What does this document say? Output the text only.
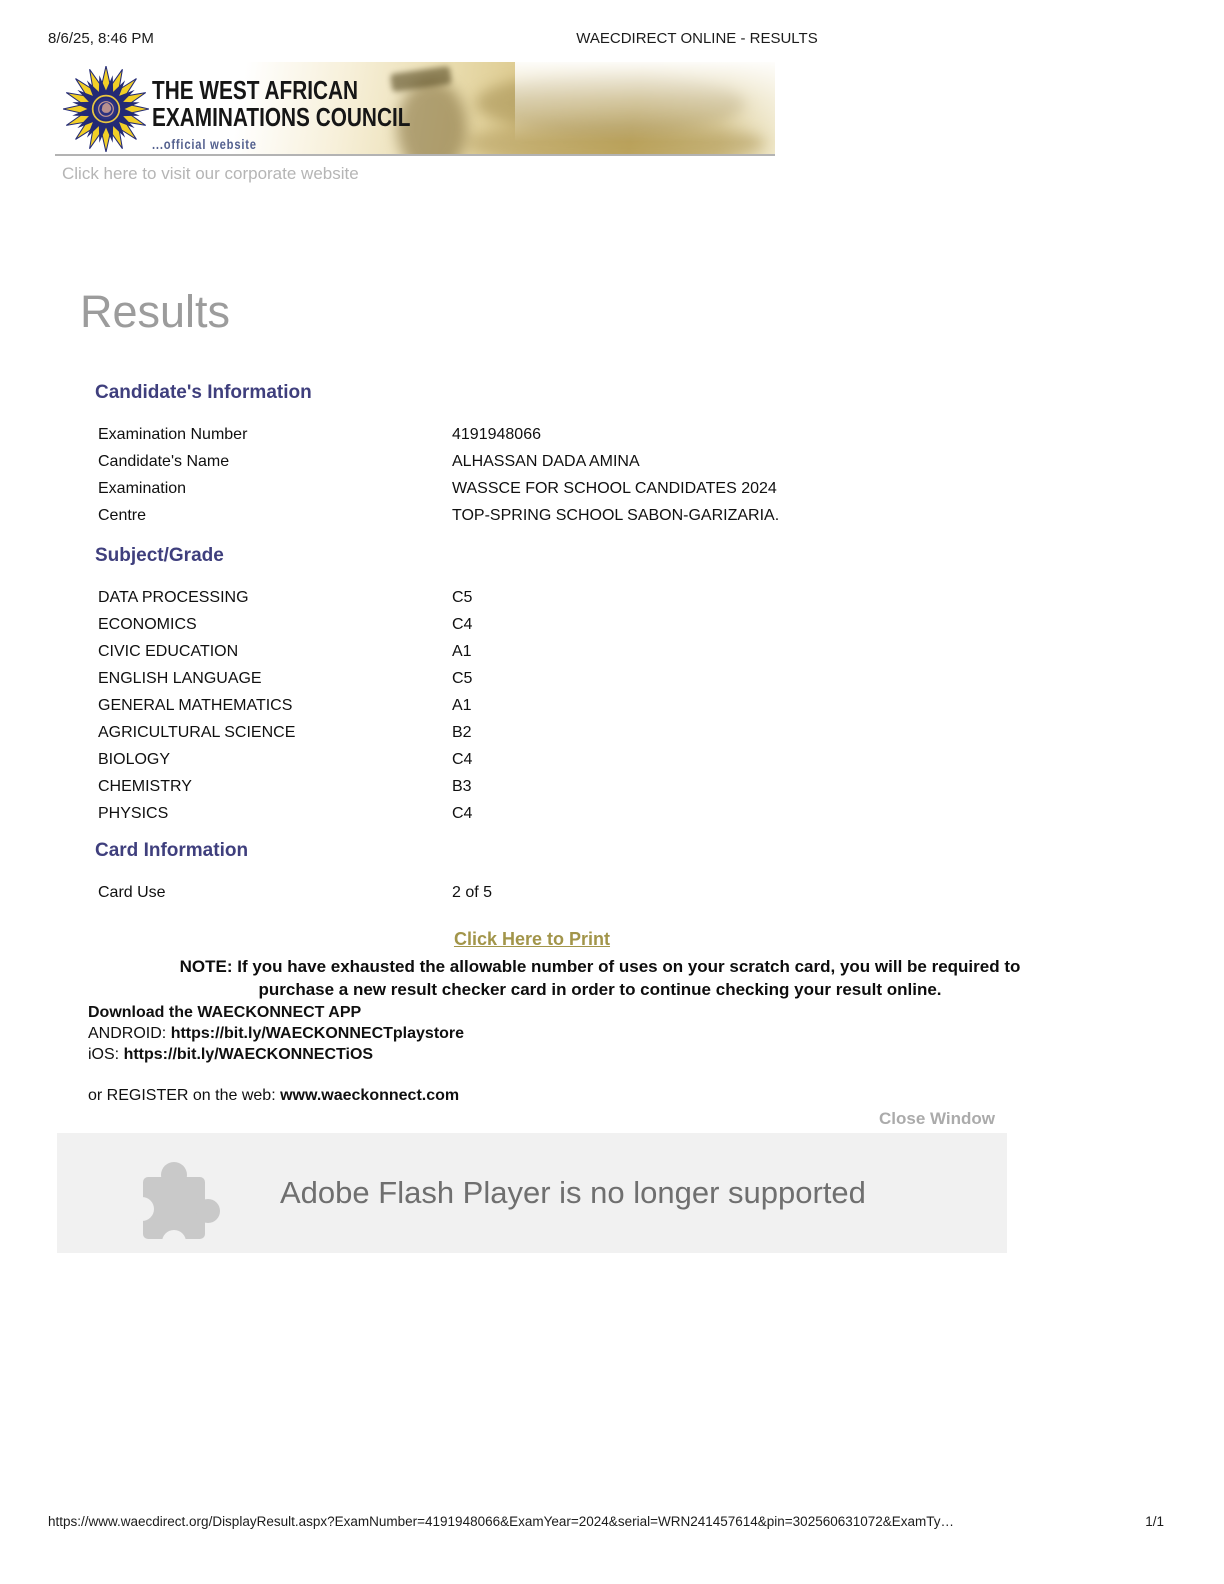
8/6/25, 8:46 PM	WAECDIRECT ONLINE - RESULTS
THE WEST AFRICAN
EXAMINATIONS COUNCIL
...official website
Click here to visit our corporate website
Results
Candidate's Information
Examination Number	4191948066
Candidate's Name	ALHASSAN DADA AMINA
Examination	WASSCE FOR SCHOOL CANDIDATES 2024
Centre	TOP-SPRING SCHOOL SABON-GARIZARIA.
Subject/Grade
DATA PROCESSING	C5
ECONOMICS	C4
CIVIC EDUCATION	A1
ENGLISH LANGUAGE	C5
GENERAL MATHEMATICS	A1
AGRICULTURAL SCIENCE	B2
BIOLOGY	C4
CHEMISTRY	B3
PHYSICS	C4
Card Information
Card Use	2 of 5
Click Here to Print
NOTE: If you have exhausted the allowable number of uses on your scratch card, you will be required to
purchase a new result checker card in order to continue checking your result online.
Download the WAECKONNECT APP
ANDROID: https://bit.ly/WAECKONNECTplaystore
iOS: https://bit.ly/WAECKONNECTiOS
or REGISTER on the web: www.waeckonnect.com
Close Window
Adobe Flash Player is no longer supported
https://www.waecdirect.org/DisplayResult.aspx?ExamNumber=4191948066&ExamYear=2024&serial=WRN241457614&pin=302560631072&ExamTy…	1/1
